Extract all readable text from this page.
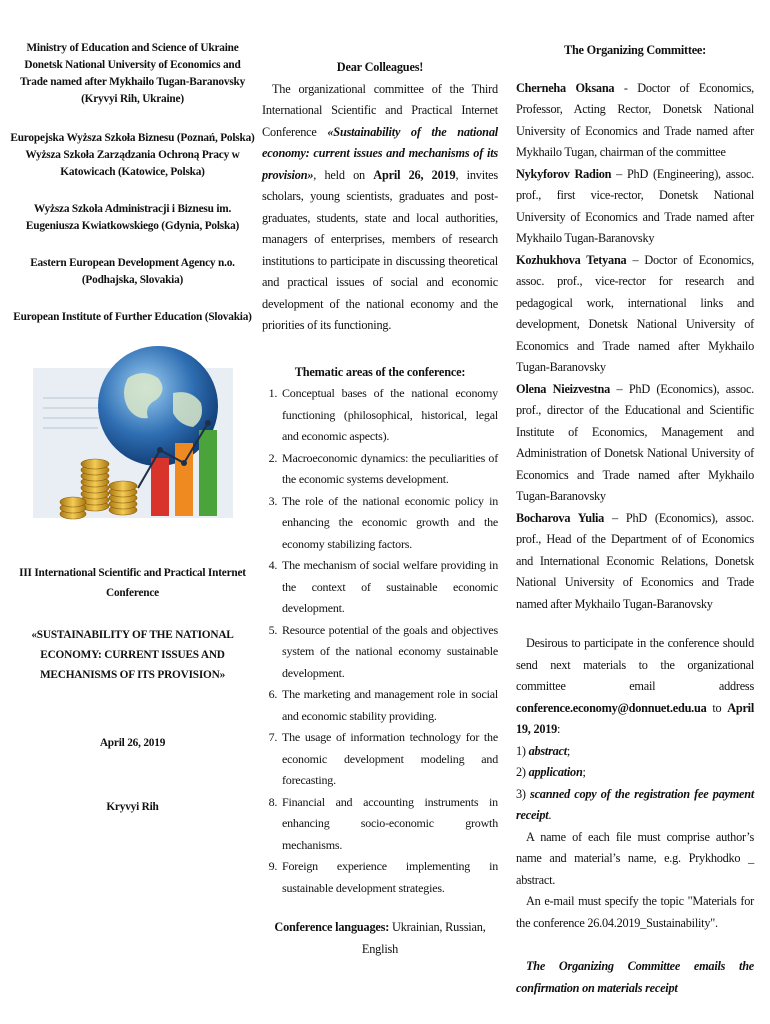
Ministry of Education and Science of Ukraine
Donetsk National University of Economics and Trade named after Mykhailo Tugan-Baranovsky
(Kryvyi Rih, Ukraine)

Europejska Wyższa Szkoła Biznesu (Poznań, Polska)
Wyższa Szkoła Zarządzania Ochroną Pracy w Katowicach (Katowice, Polska)

Wyższa Szkoła Administracji i Biznesu im. Eugeniusza Kwiatkowskiego (Gdynia, Polska)

Eastern European Development Agency n.o. (Podhajska, Slovakia)

European Institute of Further Education (Slovakia)

III International Scientific and Practical Internet Conference

«SUSTAINABILITY OF THE NATIONAL ECONOMY: CURRENT ISSUES AND MECHANISMS OF ITS PROVISION»

April 26, 2019

Kryvyi Rih

Dear Colleagues!

The organizational committee of the Third International Scientific and Practical Internet Conference «Sustainability of the national economy: current issues and mechanisms of its provision», held on April 26, 2019, invites scholars, young scientists, graduates and post-graduates, students, state and local authorities, managers of enterprises, members of research institutions to participate in discussing theoretical and practical issues of social and economic development of the national economy and the priorities of its functioning.

Thematic areas of the conference:

1. Conceptual bases of the national economy functioning (philosophical, historical, legal and economic aspects).
2. Macroeconomic dynamics: the peculiarities of the economic systems development.
3. The role of the national economic policy in enhancing the economic growth and the economy stabilizing factors.
4. The mechanism of social welfare providing in the context of sustainable economic development.
5. Resource potential of the goals and objectives system of the national economy sustainable development.
6. The marketing and management role in social and economic stability providing.
7. The usage of information technology for the economic development modeling and forecasting.
8. Financial and accounting instruments in enhancing socio-economic growth mechanisms.
9. Foreign experience implementing in sustainable development strategies.

Conference languages: Ukrainian, Russian, English

The Organizing Committee:

Cherneha Oksana - Doctor of Economics, Professor, Acting Rector, Donetsk National University of Economics and Trade named after Mykhailo Tugan, chairman of the committee

Nykyforov Radion – PhD (Engineering), assoc. prof., first vice-rector, Donetsk National University of Economics and Trade named after Mykhailo Tugan-Baranovsky

Kozhukhova Tetyana – Doctor of Economics, assoc. prof., vice-rector for research and pedagogical work, international links and development, Donetsk National University of Economics and Trade named after Mykhailo Tugan-Baranovsky

Olena Nieizvestna – PhD (Economics), assoc. prof., director of the Educational and Scientific Institute of Economics, Management and Administration of Donetsk National University of Economics and Trade named after Mykhailo Tugan-Baranovsky

Bocharova Yulia – PhD (Economics), assoc. prof., Head of the Department of of Economics and International Economic Relations, Donetsk National University of Economics and Trade named after Mykhailo Tugan-Baranovsky

Desirous to participate in the conference should send next materials to the organizational committee email address conference.economy@donnuet.edu.ua to April 19, 2019:

1) abstract;

2) application;

3) scanned copy of the registration fee payment receipt.

A name of each file must comprise author’s name and material’s name, e.g. Prykhodko _ abstract.

An e-mail must specify the topic "Materials for the conference 26.04.2019_Sustainability".

The Organizing Committee emails the confirmation on materials receipt
